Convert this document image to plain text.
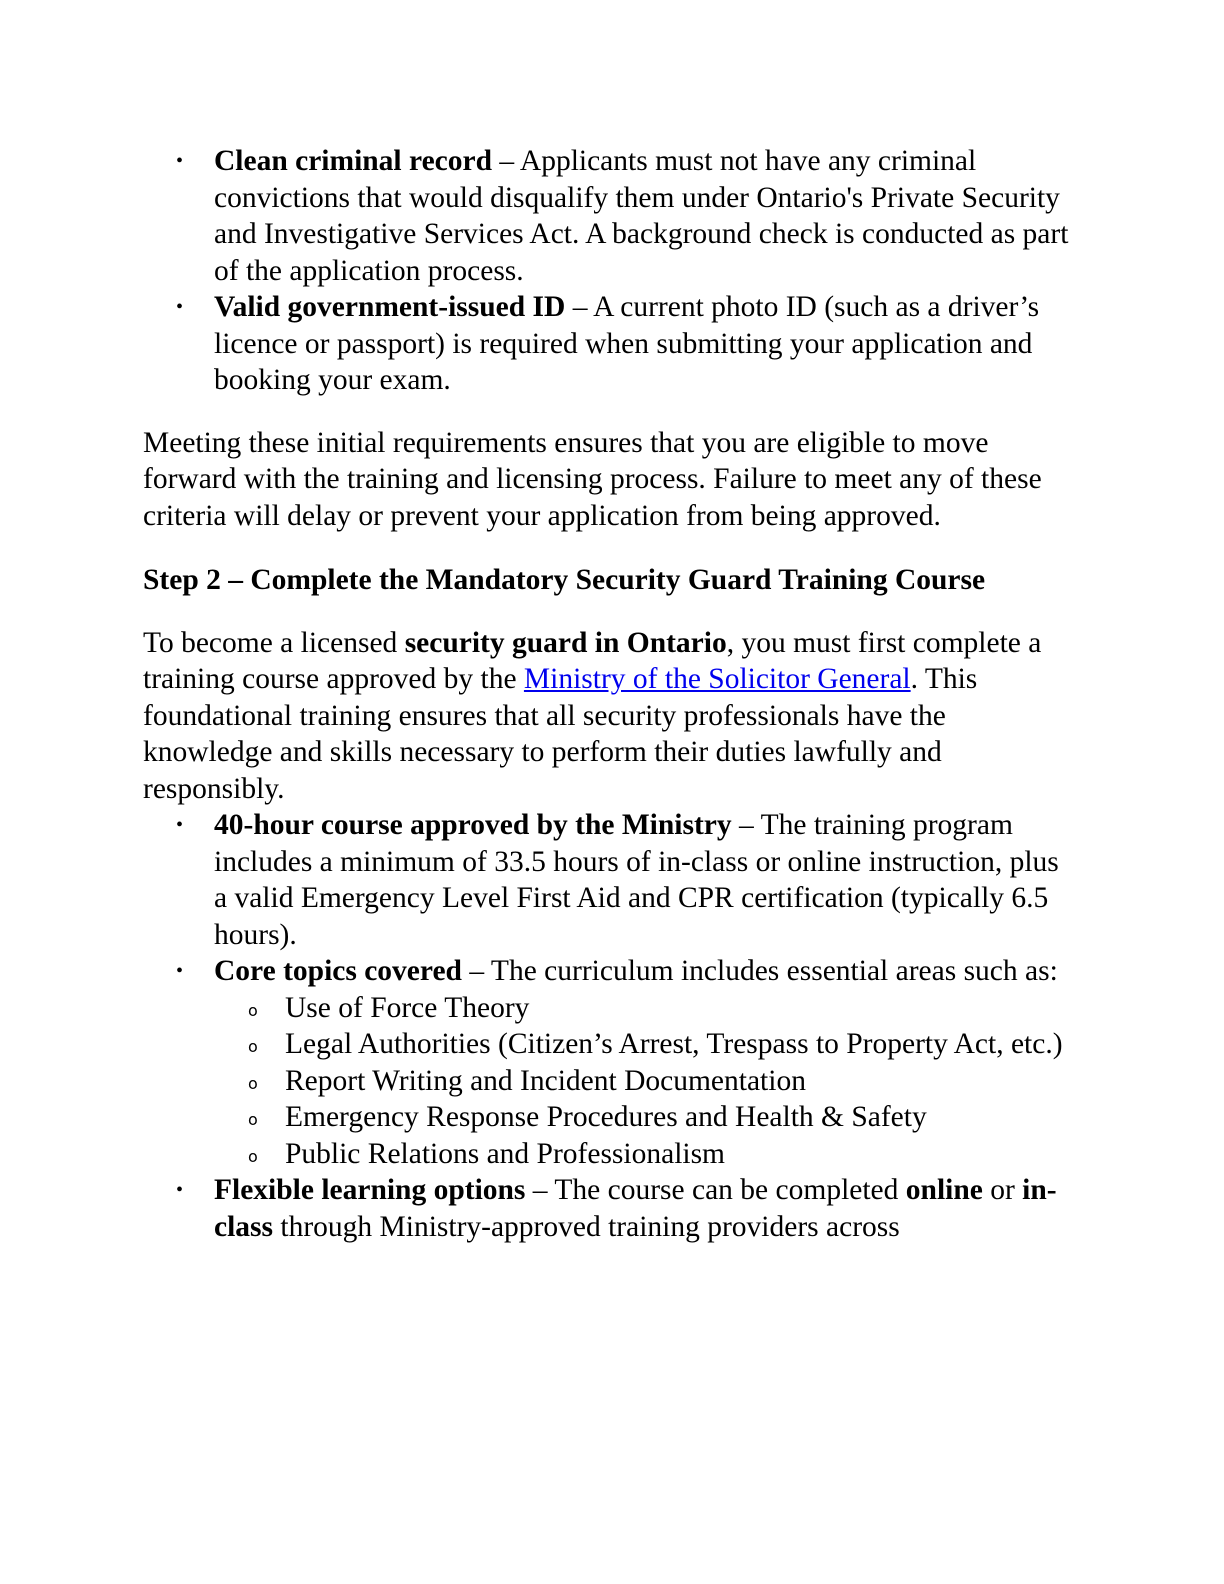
• Clean criminal record – Applicants must not have any criminal convictions that would disqualify them under Ontario's Private Security and Investigative Services Act. A background check is conducted as part of the application process.
• Valid government-issued ID – A current photo ID (such as a driver’s licence or passport) is required when submitting your application and booking your exam.

Meeting these initial requirements ensures that you are eligible to move forward with the training and licensing process. Failure to meet any of these criteria will delay or prevent your application from being approved.

Step 2 – Complete the Mandatory Security Guard Training Course

To become a licensed security guard in Ontario, you must first complete a training course approved by the Ministry of the Solicitor General. This foundational training ensures that all security professionals have the knowledge and skills necessary to perform their duties lawfully and responsibly.

• 40-hour course approved by the Ministry – The training program includes a minimum of 33.5 hours of in-class or online instruction, plus a valid Emergency Level First Aid and CPR certification (typically 6.5 hours).
• Core topics covered – The curriculum includes essential areas such as:
o Use of Force Theory
o Legal Authorities (Citizen’s Arrest, Trespass to Property Act, etc.)
o Report Writing and Incident Documentation
o Emergency Response Procedures and Health & Safety
o Public Relations and Professionalism
• Flexible learning options – The course can be completed online or in-class through Ministry-approved training providers across
